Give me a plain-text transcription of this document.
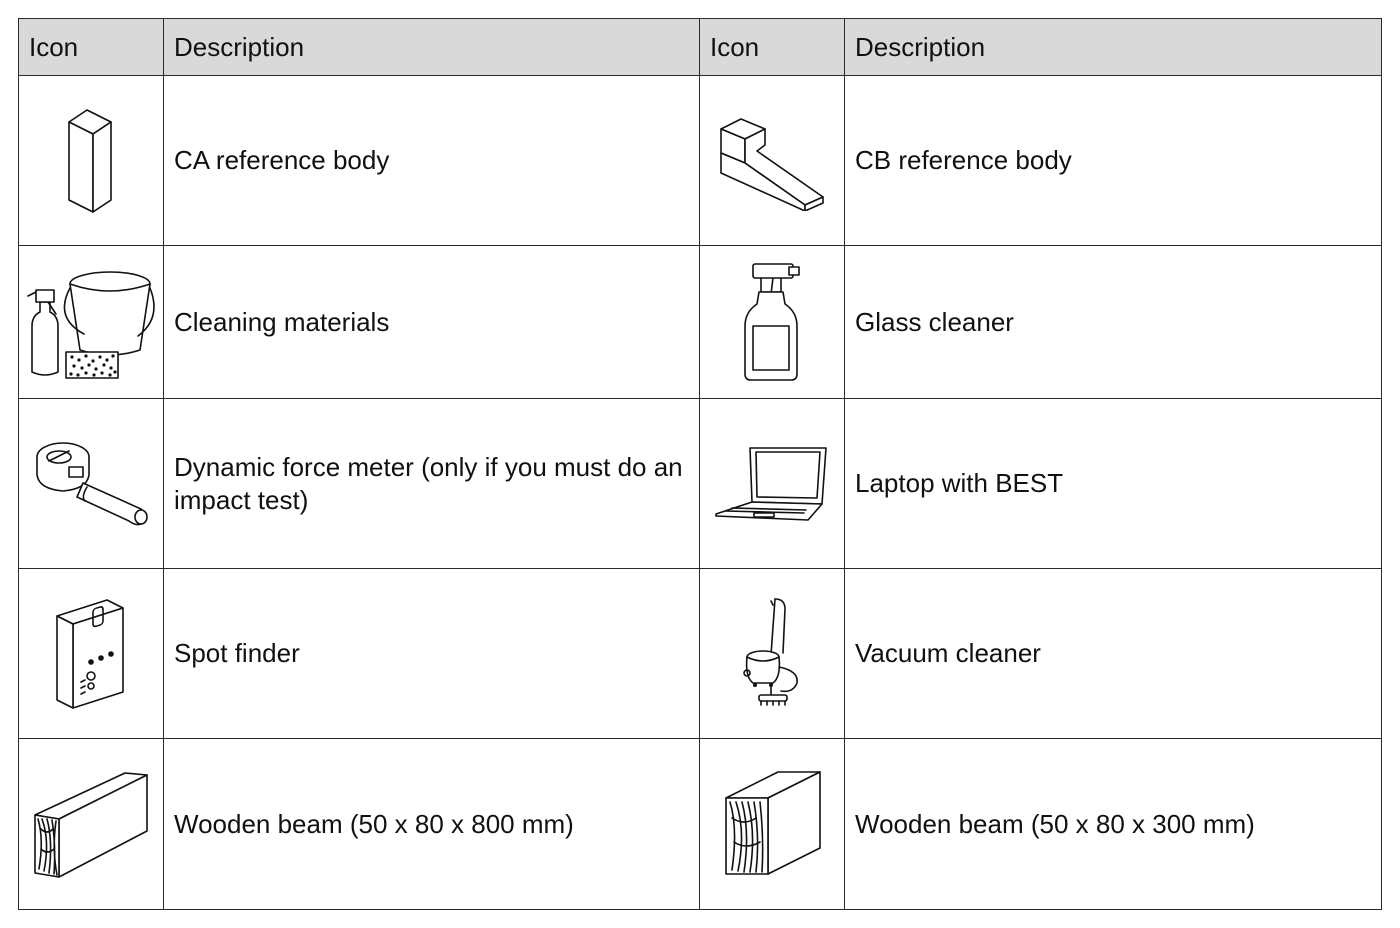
Icon	Description	Icon	Description

	CA reference body		CB reference body

	Cleaning materials		Glass cleaner

	Dynamic force meter (only if you must do an impact test)		Laptop with BEST

	Spot finder		Vacuum cleaner

	Wooden beam (50 x 80 x 800 mm)		Wooden beam (50 x 80 x 300 mm)
